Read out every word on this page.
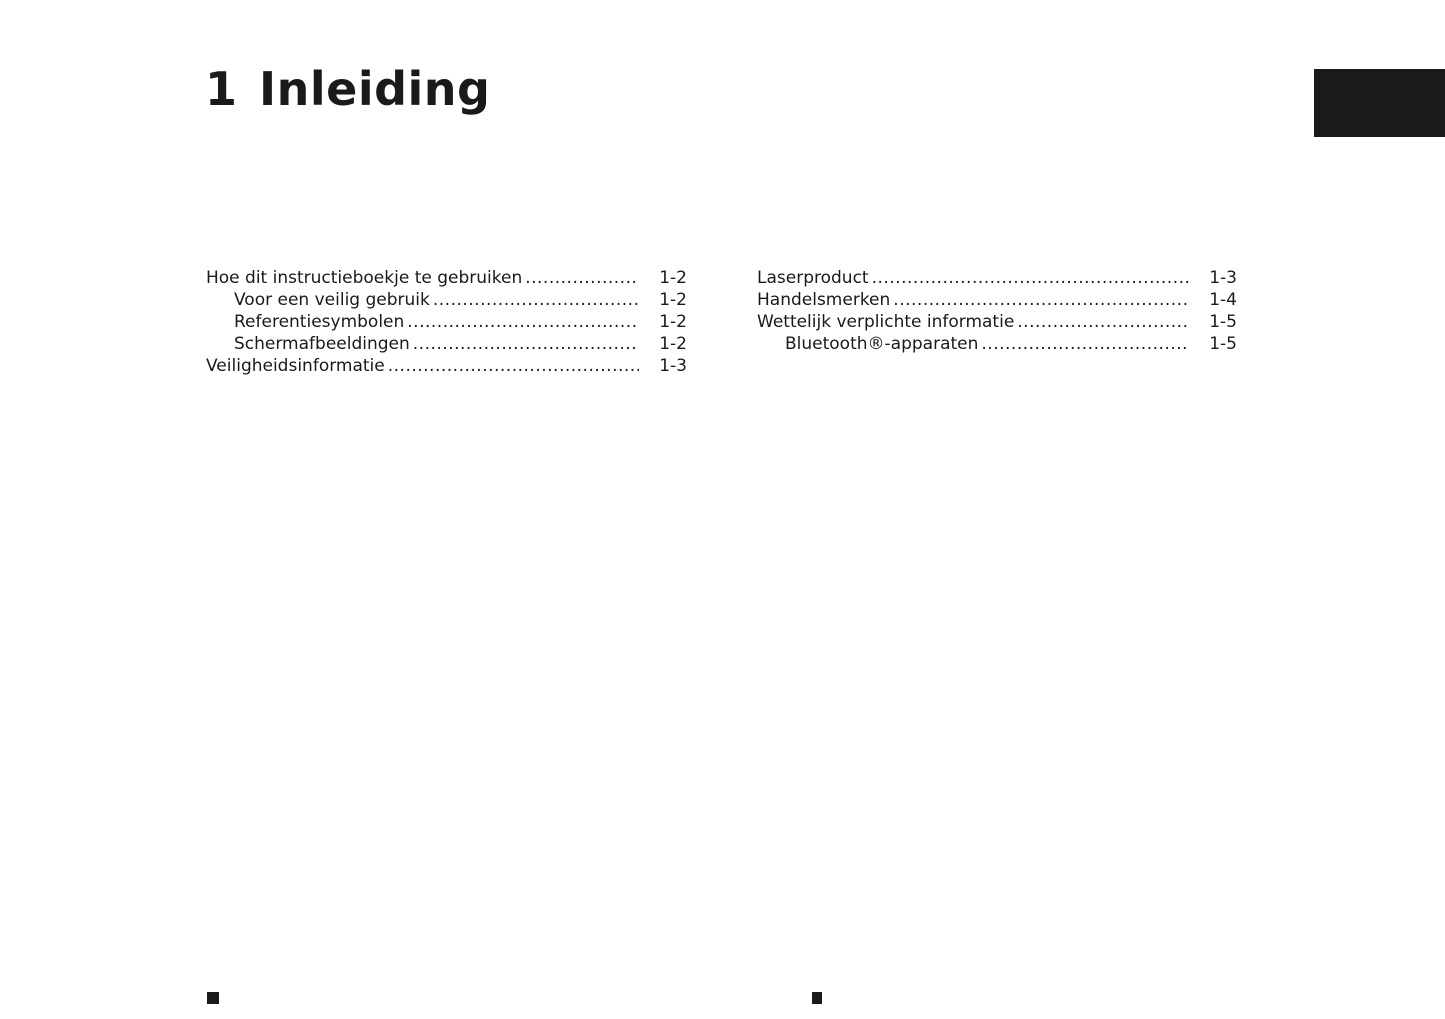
1 Inleiding
Hoe dit instructieboekje te gebruiken .....	1-2
Voor een veilig gebruik .....	1-2
Referentiesymbolen .....	1-2
Schermafbeeldingen .....	1-2
Veiligheidsinformatie .....	1-3
Laserproduct .....	1-3
Handelsmerken .....	1-4
Wettelijk verplichte informatie .....	1-5
Bluetooth®-apparaten .....	1-5
